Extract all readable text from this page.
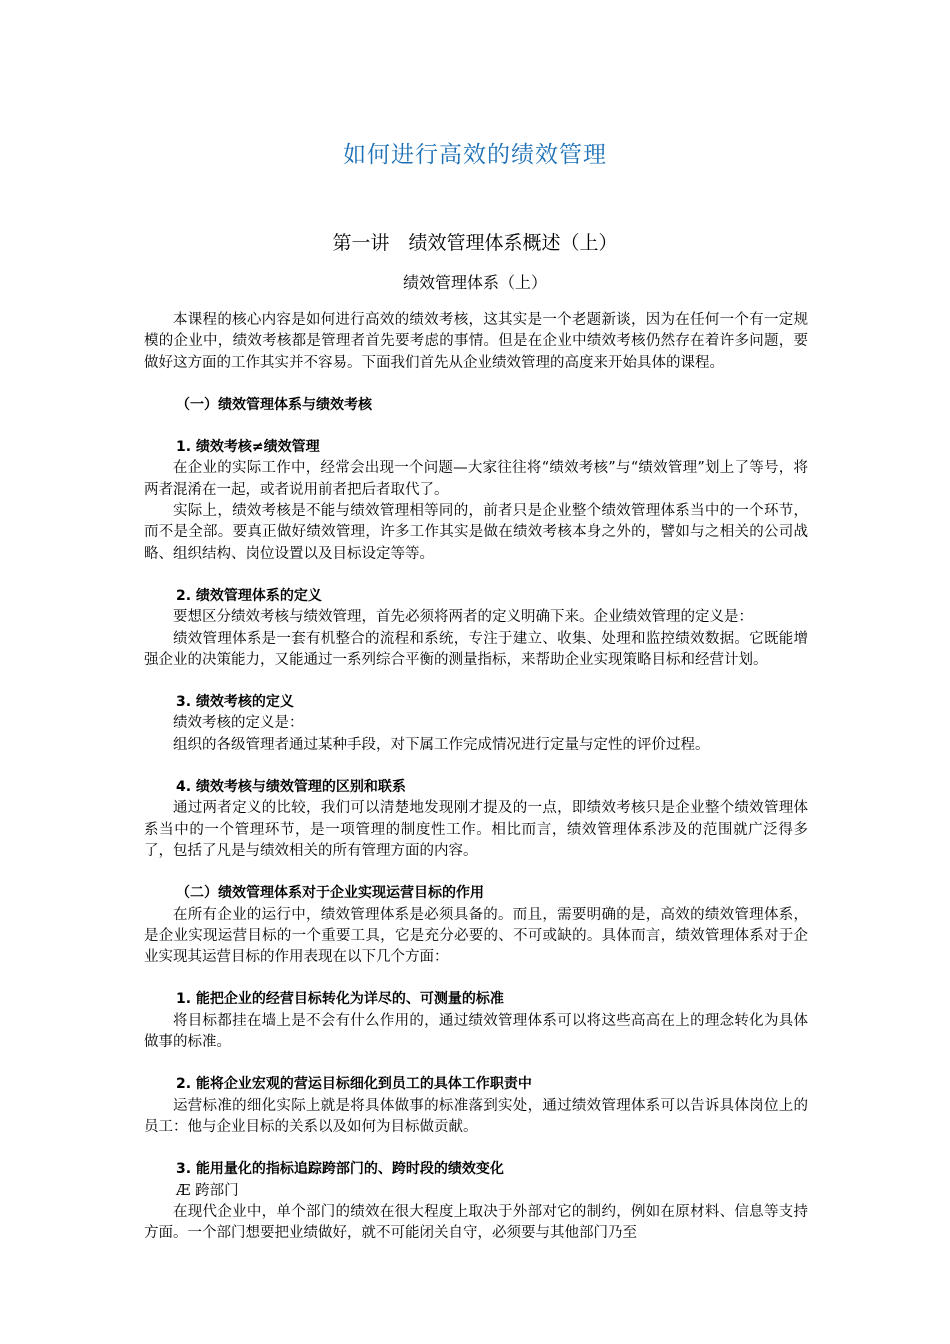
如何进行高效的绩效管理
第一讲　绩效管理体系概述（上）
绩效管理体系（上）

本课程的核心内容是如何进行高效的绩效考核，这其实是一个老题新谈，因为在任何一个有一定规模的企业中，绩效考核都是管理者首先要考虑的事情。但是在企业中绩效考核仍然存在着许多问题，要做好这方面的工作其实并不容易。下面我们首先从企业绩效管理的高度来开始具体的课程。

（一）绩效管理体系与绩效考核

1. 绩效考核≠绩效管理

在企业的实际工作中，经常会出现一个问题—大家往往将“绩效考核”与“绩效管理”划上了等号，将两者混淆在一起，或者说用前者把后者取代了。

实际上，绩效考核是不能与绩效管理相等同的，前者只是企业整个绩效管理体系当中的一个环节，而不是全部。要真正做好绩效管理，许多工作其实是做在绩效考核本身之外的，譬如与之相关的公司战略、组织结构、岗位设置以及目标设定等等。

2. 绩效管理体系的定义

要想区分绩效考核与绩效管理，首先必须将两者的定义明确下来。企业绩效管理的定义是：

绩效管理体系是一套有机整合的流程和系统，专注于建立、收集、处理和监控绩效数据。它既能增强企业的决策能力，又能通过一系列综合平衡的测量指标，来帮助企业实现策略目标和经营计划。

3. 绩效考核的定义

绩效考核的定义是：

组织的各级管理者通过某种手段，对下属工作完成情况进行定量与定性的评价过程。

4. 绩效考核与绩效管理的区别和联系

通过两者定义的比较，我们可以清楚地发现刚才提及的一点，即绩效考核只是企业整个绩效管理体系当中的一个管理环节，是一项管理的制度性工作。相比而言，绩效管理体系涉及的范围就广泛得多了，包括了凡是与绩效相关的所有管理方面的内容。

（二）绩效管理体系对于企业实现运营目标的作用

在所有企业的运行中，绩效管理体系是必须具备的。而且，需要明确的是，高效的绩效管理体系，是企业实现运营目标的一个重要工具，它是充分必要的、不可或缺的。具体而言，绩效管理体系对于企业实现其运营目标的作用表现在以下几个方面：

1. 能把企业的经营目标转化为详尽的、可测量的标准

将目标都挂在墙上是不会有什么作用的，通过绩效管理体系可以将这些高高在上的理念转化为具体做事的标准。

2. 能将企业宏观的营运目标细化到员工的具体工作职责中

运营标准的细化实际上就是将具体做事的标准落到实处，通过绩效管理体系可以告诉具体岗位上的员工：他与企业目标的关系以及如何为目标做贡献。

3. 能用量化的指标追踪跨部门的、跨时段的绩效变化

Æ 跨部门

在现代企业中，单个部门的绩效在很大程度上取决于外部对它的制约，例如在原材料、信息等支持方面。一个部门想要把业绩做好，就不可能闭关自守，必须要与其他部门乃至
